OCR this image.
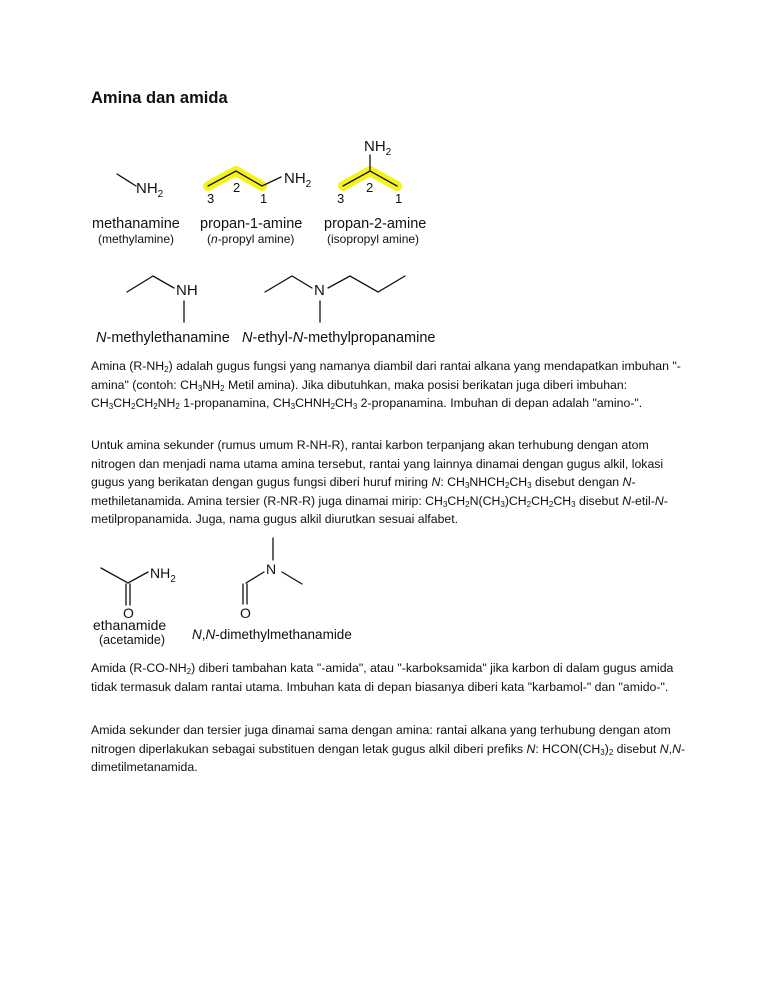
Amina dan amida
$NH_2$
$NH_2$
3
2
1
$NH_2$
3
2
1
methanamine
(methylamine)
propan-1-amine
(n-propyl amine)
propan-2-amine
(isopropyl amine)
NH	N
N-methylethanamine N-ethyl-N-methylpropanamine
$NH_2$
O
ethanamide
(acetamide)
N
O
N,N-dimethylmethanamide

Amina $(R-NH_2)$ adalah gugus fungsi yang namanya diambil dari rantai alkana yang mendapatkan imbuhan "-amina" (contoh: $CH_3NH_2$ Metil amina). Jika dibutuhkan, maka posisi berikatan juga diberi imbuhan: $CH_3CH_2CH_2NH_2$ 1-propanamina, $CH_3CHNH_2CH_3$ 2-propanamina. Imbuhan di depan adalah "amino-".

Untuk amina sekunder (rumus umum R-NH-R), rantai karbon terpanjang akan terhubung dengan atom nitrogen dan menjadi nama utama amina tersebut, rantai yang lainnya dinamai dengan gugus alkil, lokasi gugus yang berikatan dengan gugus fungsi diberi huruf miring N: $CH_3NHCH_2CH_3$ disebut dengan N-methiletanamida. Amina tersier (R-NR-R) juga dinamai mirip: $CH_3CH_2N(CH_3)CH_2CH_2CH_3$ disebut N-etil-N-metilpropanamida. Juga, nama gugus alkil diurutkan sesuai alfabet.

Amida $(R-CO-NH_2)$ diberi tambahan kata "-amida", atau "-karboksamida" jika karbon di dalam gugus amida tidak termasuk dalam rantai utama. Imbuhan kata di depan biasanya diberi kata "karbamol-" dan "amido-".

Amida sekunder dan tersier juga dinamai sama dengan amina: rantai alkana yang terhubung dengan atom nitrogen diperlakukan sebagai substituen dengan letak gugus alkil diberi prefiks N: $HCON(CH_3)_2$ disebut N,N-dimetilmetanamida.
